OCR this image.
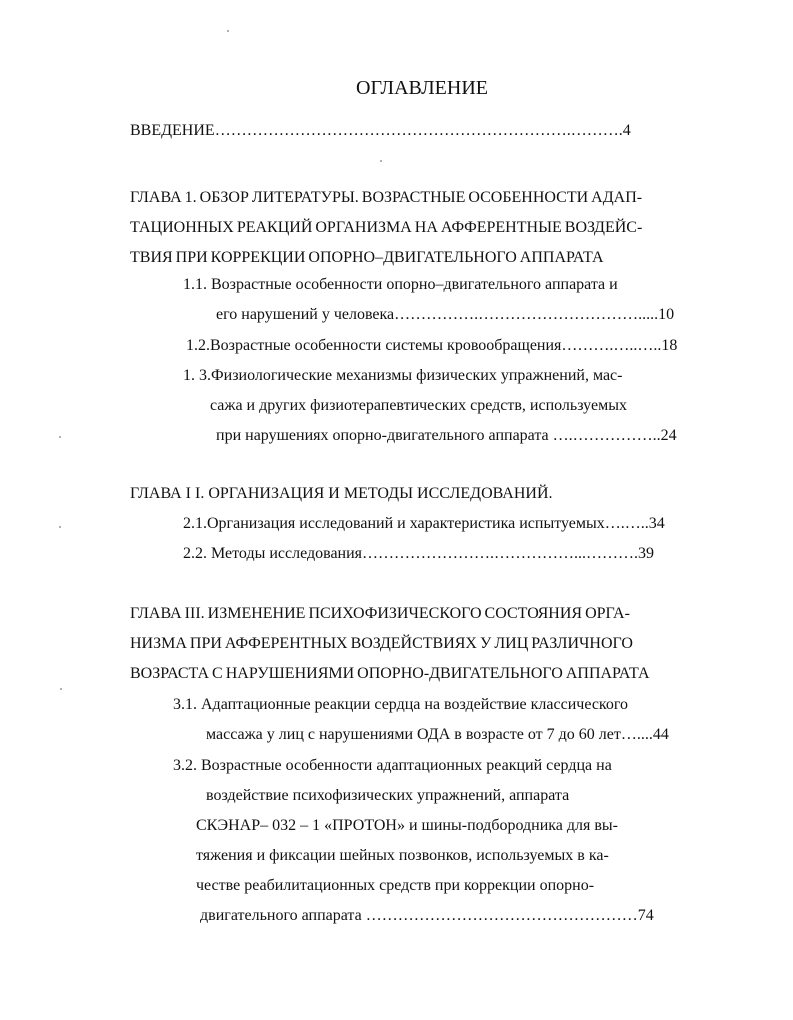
ОГЛАВЛЕНИЕ
ВВЕДЕНИЕ………………………………………………………….……….4
ГЛАВА 1. ОБЗОР ЛИТЕРАТУРЫ. ВОЗРАСТНЫЕ ОСОБЕННОСТИ АДАП-
ТАЦИОННЫХ РЕАКЦИЙ ОРГАНИЗМА НА АФФЕРЕНТНЫЕ ВОЗДЕЙС-
ТВИЯ ПРИ КОРРЕКЦИИ ОПОРНО–ДВИГАТЕЛЬНОГО АППАРАТА
1.1. Возрастные особенности опорно–двигательного аппарата и
его нарушений у человека…………….………………………….....10
1.2.Возрастные особенности системы кровообращения……….…..…..18
1. 3.Физиологические механизмы физических упражнений, мас-
сажа и других физиотерапевтических средств, используемых
при нарушениях опорно-двигательного аппарата ….……………..24
ГЛАВА I I. ОРГАНИЗАЦИЯ И МЕТОДЫ ИССЛЕДОВАНИЙ.
2.1.Организация исследований и характеристика испытуемых….…..34
2.2. Методы исследования…………………….……………...……….39
ГЛАВА III. ИЗМЕНЕНИЕ ПСИХОФИЗИЧЕСКОГО СОСТОЯНИЯ ОРГА-
НИЗМА ПРИ АФФЕРЕНТНЫХ ВОЗДЕЙСТВИЯХ У ЛИЦ РАЗЛИЧНОГО
ВОЗРАСТА С НАРУШЕНИЯМИ ОПОРНО-ДВИГАТЕЛЬНОГО АППАРАТА
3.1. Адаптационные реакции сердца на воздействие классического
массажа у лиц с нарушениями ОДА в возрасте от 7 до 60 лет…....44
3.2. Возрастные особенности адаптационных реакций сердца на
воздействие психофизических упражнений, аппарата
СКЭНАР– 032 – 1 «ПРОТОН» и шины-подбородника для вы-
тяжения и фиксации шейных позвонков, используемых в ка-
честве реабилитационных средств при коррекции опорно-
двигательного аппарата ……………………………………………74
